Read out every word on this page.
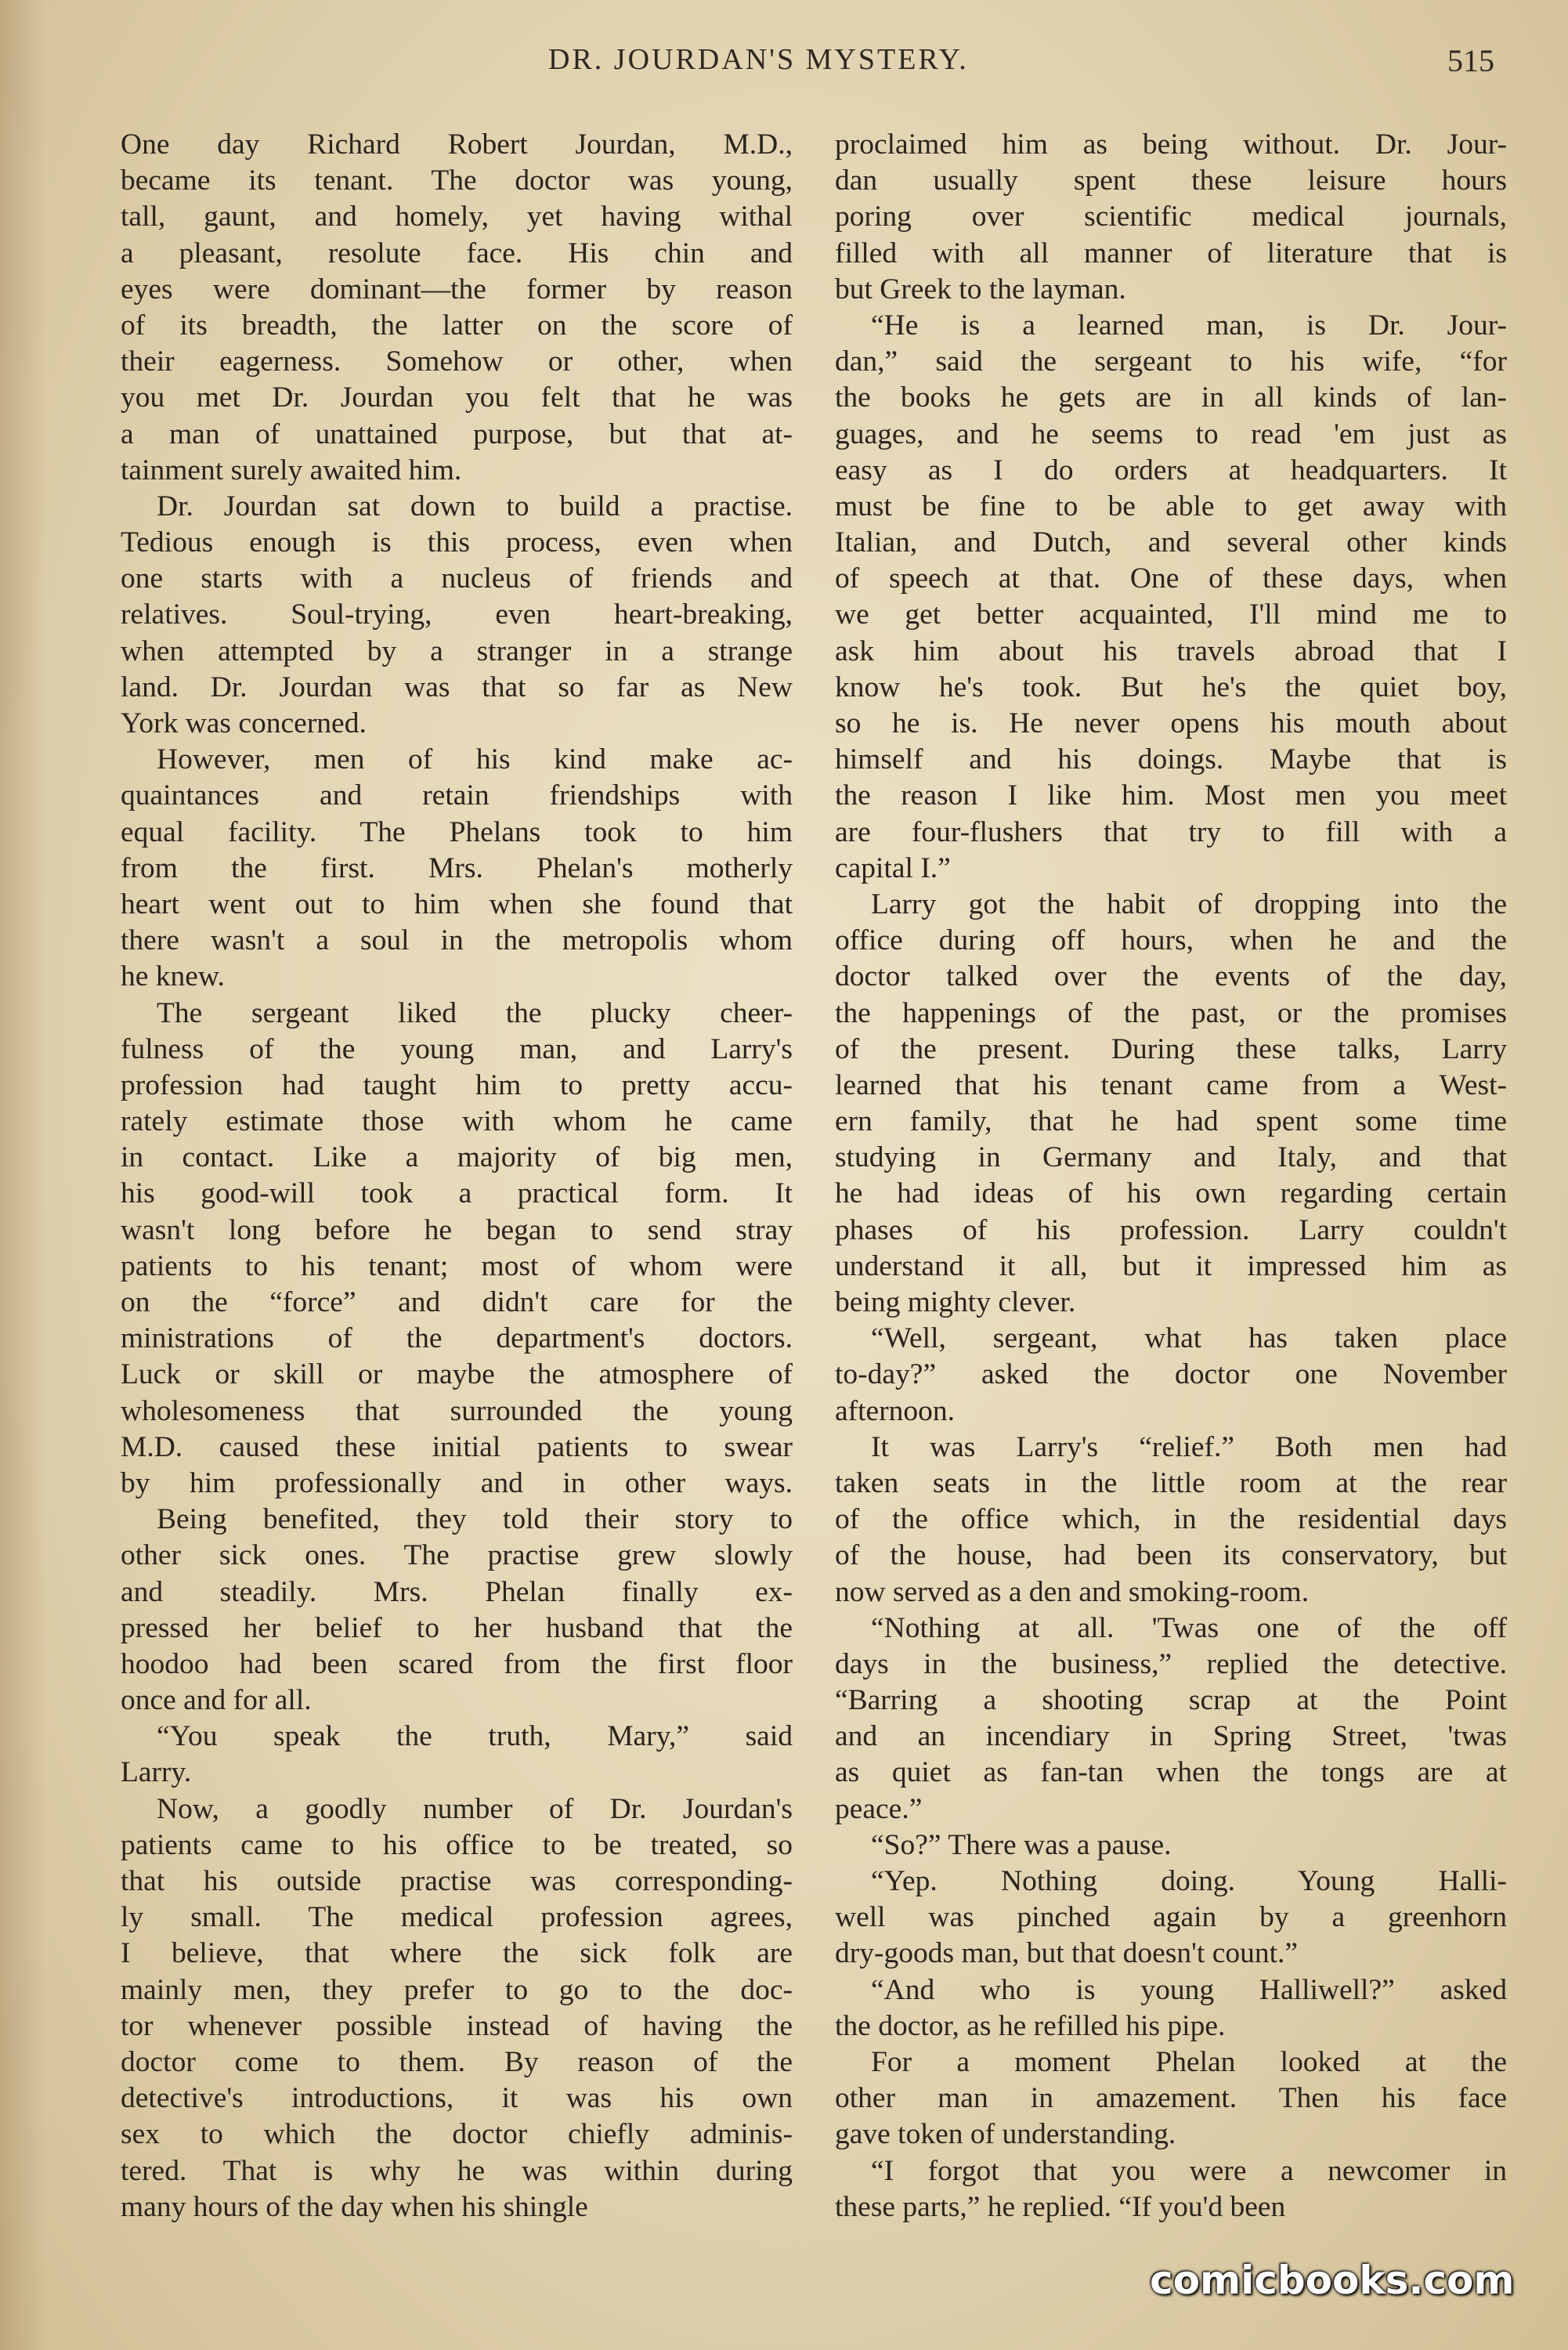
DR. JOURDAN'S MYSTERY.	515
One day Richard Robert Jourdan, M.D.,
became its tenant. The doctor was young,
tall, gaunt, and homely, yet having withal
a pleasant, resolute face. His chin and
eyes were dominant—the former by reason
of its breadth, the latter on the score of
their eagerness. Somehow or other, when
you met Dr. Jourdan you felt that he was
a man of unattained purpose, but that at-
tainment surely awaited him.
Dr. Jourdan sat down to build a practise.
Tedious enough is this process, even when
one starts with a nucleus of friends and
relatives. Soul-trying, even heart-breaking,
when attempted by a stranger in a strange
land. Dr. Jourdan was that so far as New
York was concerned.
However, men of his kind make ac-
quaintances and retain friendships with
equal facility. The Phelans took to him
from the first. Mrs. Phelan's motherly
heart went out to him when she found that
there wasn't a soul in the metropolis whom
he knew.
The sergeant liked the plucky cheer-
fulness of the young man, and Larry's
profession had taught him to pretty accu-
rately estimate those with whom he came
in contact. Like a majority of big men,
his good-will took a practical form. It
wasn't long before he began to send stray
patients to his tenant; most of whom were
on the “force” and didn't care for the
ministrations of the department's doctors.
Luck or skill or maybe the atmosphere of
wholesomeness that surrounded the young
M.D. caused these initial patients to swear
by him professionally and in other ways.
Being benefited, they told their story to
other sick ones. The practise grew slowly
and steadily. Mrs. Phelan finally ex-
pressed her belief to her husband that the
hoodoo had been scared from the first floor
once and for all.
“You speak the truth, Mary,” said
Larry.
Now, a goodly number of Dr. Jourdan's
patients came to his office to be treated, so
that his outside practise was corresponding-
ly small. The medical profession agrees,
I believe, that where the sick folk are
mainly men, they prefer to go to the doc-
tor whenever possible instead of having the
doctor come to them. By reason of the
detective's introductions, it was his own
sex to which the doctor chiefly adminis-
tered. That is why he was within during
many hours of the day when his shingle
proclaimed him as being without. Dr. Jour-
dan usually spent these leisure hours
poring over scientific medical journals,
filled with all manner of literature that is
but Greek to the layman.
“He is a learned man, is Dr. Jour-
dan,” said the sergeant to his wife, “for
the books he gets are in all kinds of lan-
guages, and he seems to read 'em just as
easy as I do orders at headquarters. It
must be fine to be able to get away with
Italian, and Dutch, and several other kinds
of speech at that. One of these days, when
we get better acquainted, I'll mind me to
ask him about his travels abroad that I
know he's took. But he's the quiet boy,
so he is. He never opens his mouth about
himself and his doings. Maybe that is
the reason I like him. Most men you meet
are four-flushers that try to fill with a
capital I.”
Larry got the habit of dropping into the
office during off hours, when he and the
doctor talked over the events of the day,
the happenings of the past, or the promises
of the present. During these talks, Larry
learned that his tenant came from a West-
ern family, that he had spent some time
studying in Germany and Italy, and that
he had ideas of his own regarding certain
phases of his profession. Larry couldn't
understand it all, but it impressed him as
being mighty clever.
“Well, sergeant, what has taken place
to-day?” asked the doctor one November
afternoon.
It was Larry's “relief.” Both men had
taken seats in the little room at the rear
of the office which, in the residential days
of the house, had been its conservatory, but
now served as a den and smoking-room.
“Nothing at all. 'Twas one of the off
days in the business,” replied the detective.
“Barring a shooting scrap at the Point
and an incendiary in Spring Street, 'twas
as quiet as fan-tan when the tongs are at
peace.”
“So?” There was a pause.
“Yep. Nothing doing. Young Halli-
well was pinched again by a greenhorn
dry-goods man, but that doesn't count.”
“And who is young Halliwell?” asked
the doctor, as he refilled his pipe.
For a moment Phelan looked at the
other man in amazement. Then his face
gave token of understanding.
“I forgot that you were a newcomer in
these parts,” he replied. “If you'd been
comicbooks.com
